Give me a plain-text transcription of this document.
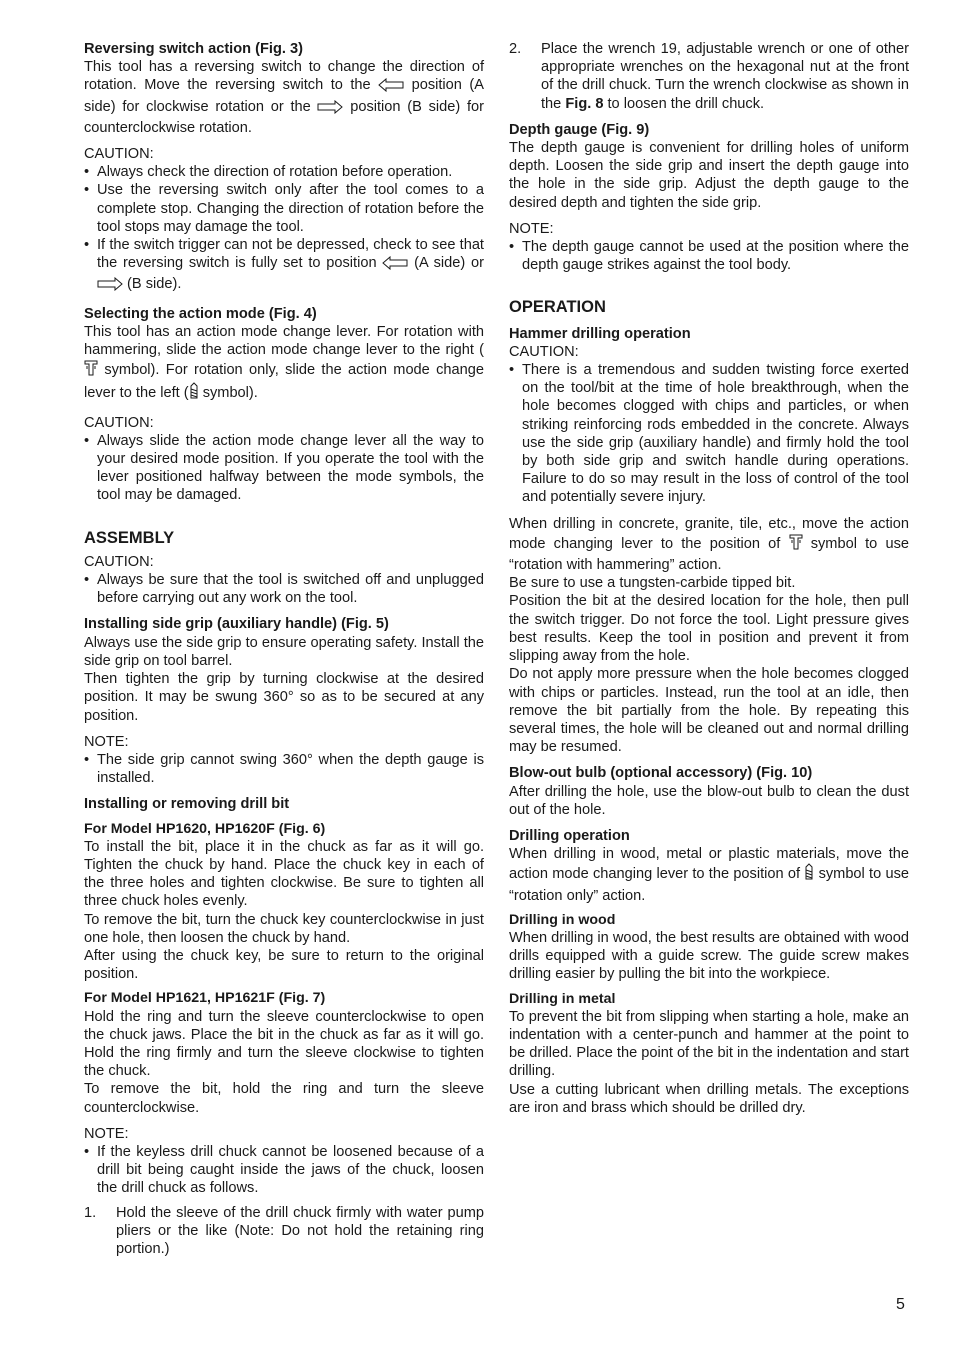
Reversing switch action (Fig. 3)

This tool has a reversing switch to change the direction of rotation. Move the reversing switch to the  position (A side) for clockwise rotation or the  position (B side) for counterclockwise rotation.

CAUTION:

• Always check the direction of rotation before operation.
• Use the reversing switch only after the tool comes to a complete stop. Changing the direction of rotation before the tool stops may damage the tool.
• If the switch trigger can not be depressed, check to see that the reversing switch is fully set to position  (A side) or  (B side).
Selecting the action mode (Fig. 4)

This tool has an action mode change lever. For rotation with hammering, slide the action mode change lever to the right ( symbol). For rotation only, slide the action mode change lever to the left ( symbol).

CAUTION:

• Always slide the action mode change lever all the way to your desired mode position. If you operate the tool with the lever positioned halfway between the mode symbols, the tool may be damaged.
ASSEMBLY

CAUTION:

• Always be sure that the tool is switched off and unplugged before carrying out any work on the tool.
Installing side grip (auxiliary handle) (Fig. 5)

Always use the side grip to ensure operating safety. Install the side grip on tool barrel.

Then tighten the grip by turning clockwise at the desired position. It may be swung 360° so as to be secured at any position.

NOTE:

• The side grip cannot swing 360° when the depth gauge is installed.
Installing or removing drill bit
For Model HP1620, HP1620F (Fig. 6)

To install the bit, place it in the chuck as far as it will go. Tighten the chuck by hand. Place the chuck key in each of the three holes and tighten clockwise. Be sure to tighten all three chuck holes evenly.

To remove the bit, turn the chuck key counterclockwise in just one hole, then loosen the chuck by hand.

After using the chuck key, be sure to return to the original position.

For Model HP1621, HP1621F (Fig. 7)

Hold the ring and turn the sleeve counterclockwise to open the chuck jaws. Place the bit in the chuck as far as it will go. Hold the ring firmly and turn the sleeve clockwise to tighten the chuck.

To remove the bit, hold the ring and turn the sleeve counterclockwise.

NOTE:

• If the keyless drill chuck cannot be loosened because of a drill bit being caught inside the jaws of the chuck, loosen the drill chuck as follows.
1. Hold the sleeve of the drill chuck firmly with water pump pliers or the like (Note: Do not hold the retaining ring portion.)
2. Place the wrench 19, adjustable wrench or one of other appropriate wrenches on the hexagonal nut at the front of the drill chuck. Turn the wrench clockwise as shown in the Fig. 8 to loosen the drill chuck.
Depth gauge (Fig. 9)

The depth gauge is convenient for drilling holes of uniform depth. Loosen the side grip and insert the depth gauge into the hole in the side grip. Adjust the depth gauge to the desired depth and tighten the side grip.

NOTE:

• The depth gauge cannot be used at the position where the depth gauge strikes against the tool body.
OPERATION
Hammer drilling operation

CAUTION:

• There is a tremendous and sudden twisting force exerted on the tool/bit at the time of hole breakthrough, when the hole becomes clogged with chips and particles, or when striking reinforcing rods embedded in the concrete. Always use the side grip (auxiliary handle) and firmly hold the tool by both side grip and switch handle during operations. Failure to do so may result in the loss of control of the tool and potentially severe injury.

When drilling in concrete, granite, tile, etc., move the action mode changing lever to the position of  symbol to use “rotation with hammering” action.

Be sure to use a tungsten-carbide tipped bit.

Position the bit at the desired location for the hole, then pull the switch trigger. Do not force the tool. Light pressure gives best results. Keep the tool in position and prevent it from slipping away from the hole.

Do not apply more pressure when the hole becomes clogged with chips or particles. Instead, run the tool at an idle, then remove the bit partially from the hole. By repeating this several times, the hole will be cleaned out and normal drilling may be resumed.

Blow-out bulb (optional accessory) (Fig. 10)

After drilling the hole, use the blow-out bulb to clean the dust out of the hole.

Drilling operation

When drilling in wood, metal or plastic materials, move the action mode changing lever to the position of  symbol to use “rotation only” action.

Drilling in wood

When drilling in wood, the best results are obtained with wood drills equipped with a guide screw. The guide screw makes drilling easier by pulling the bit into the workpiece.

Drilling in metal

To prevent the bit from slipping when starting a hole, make an indentation with a center-punch and hammer at the point to be drilled. Place the point of the bit in the indentation and start drilling.

Use a cutting lubricant when drilling metals. The exceptions are iron and brass which should be drilled dry.

5
